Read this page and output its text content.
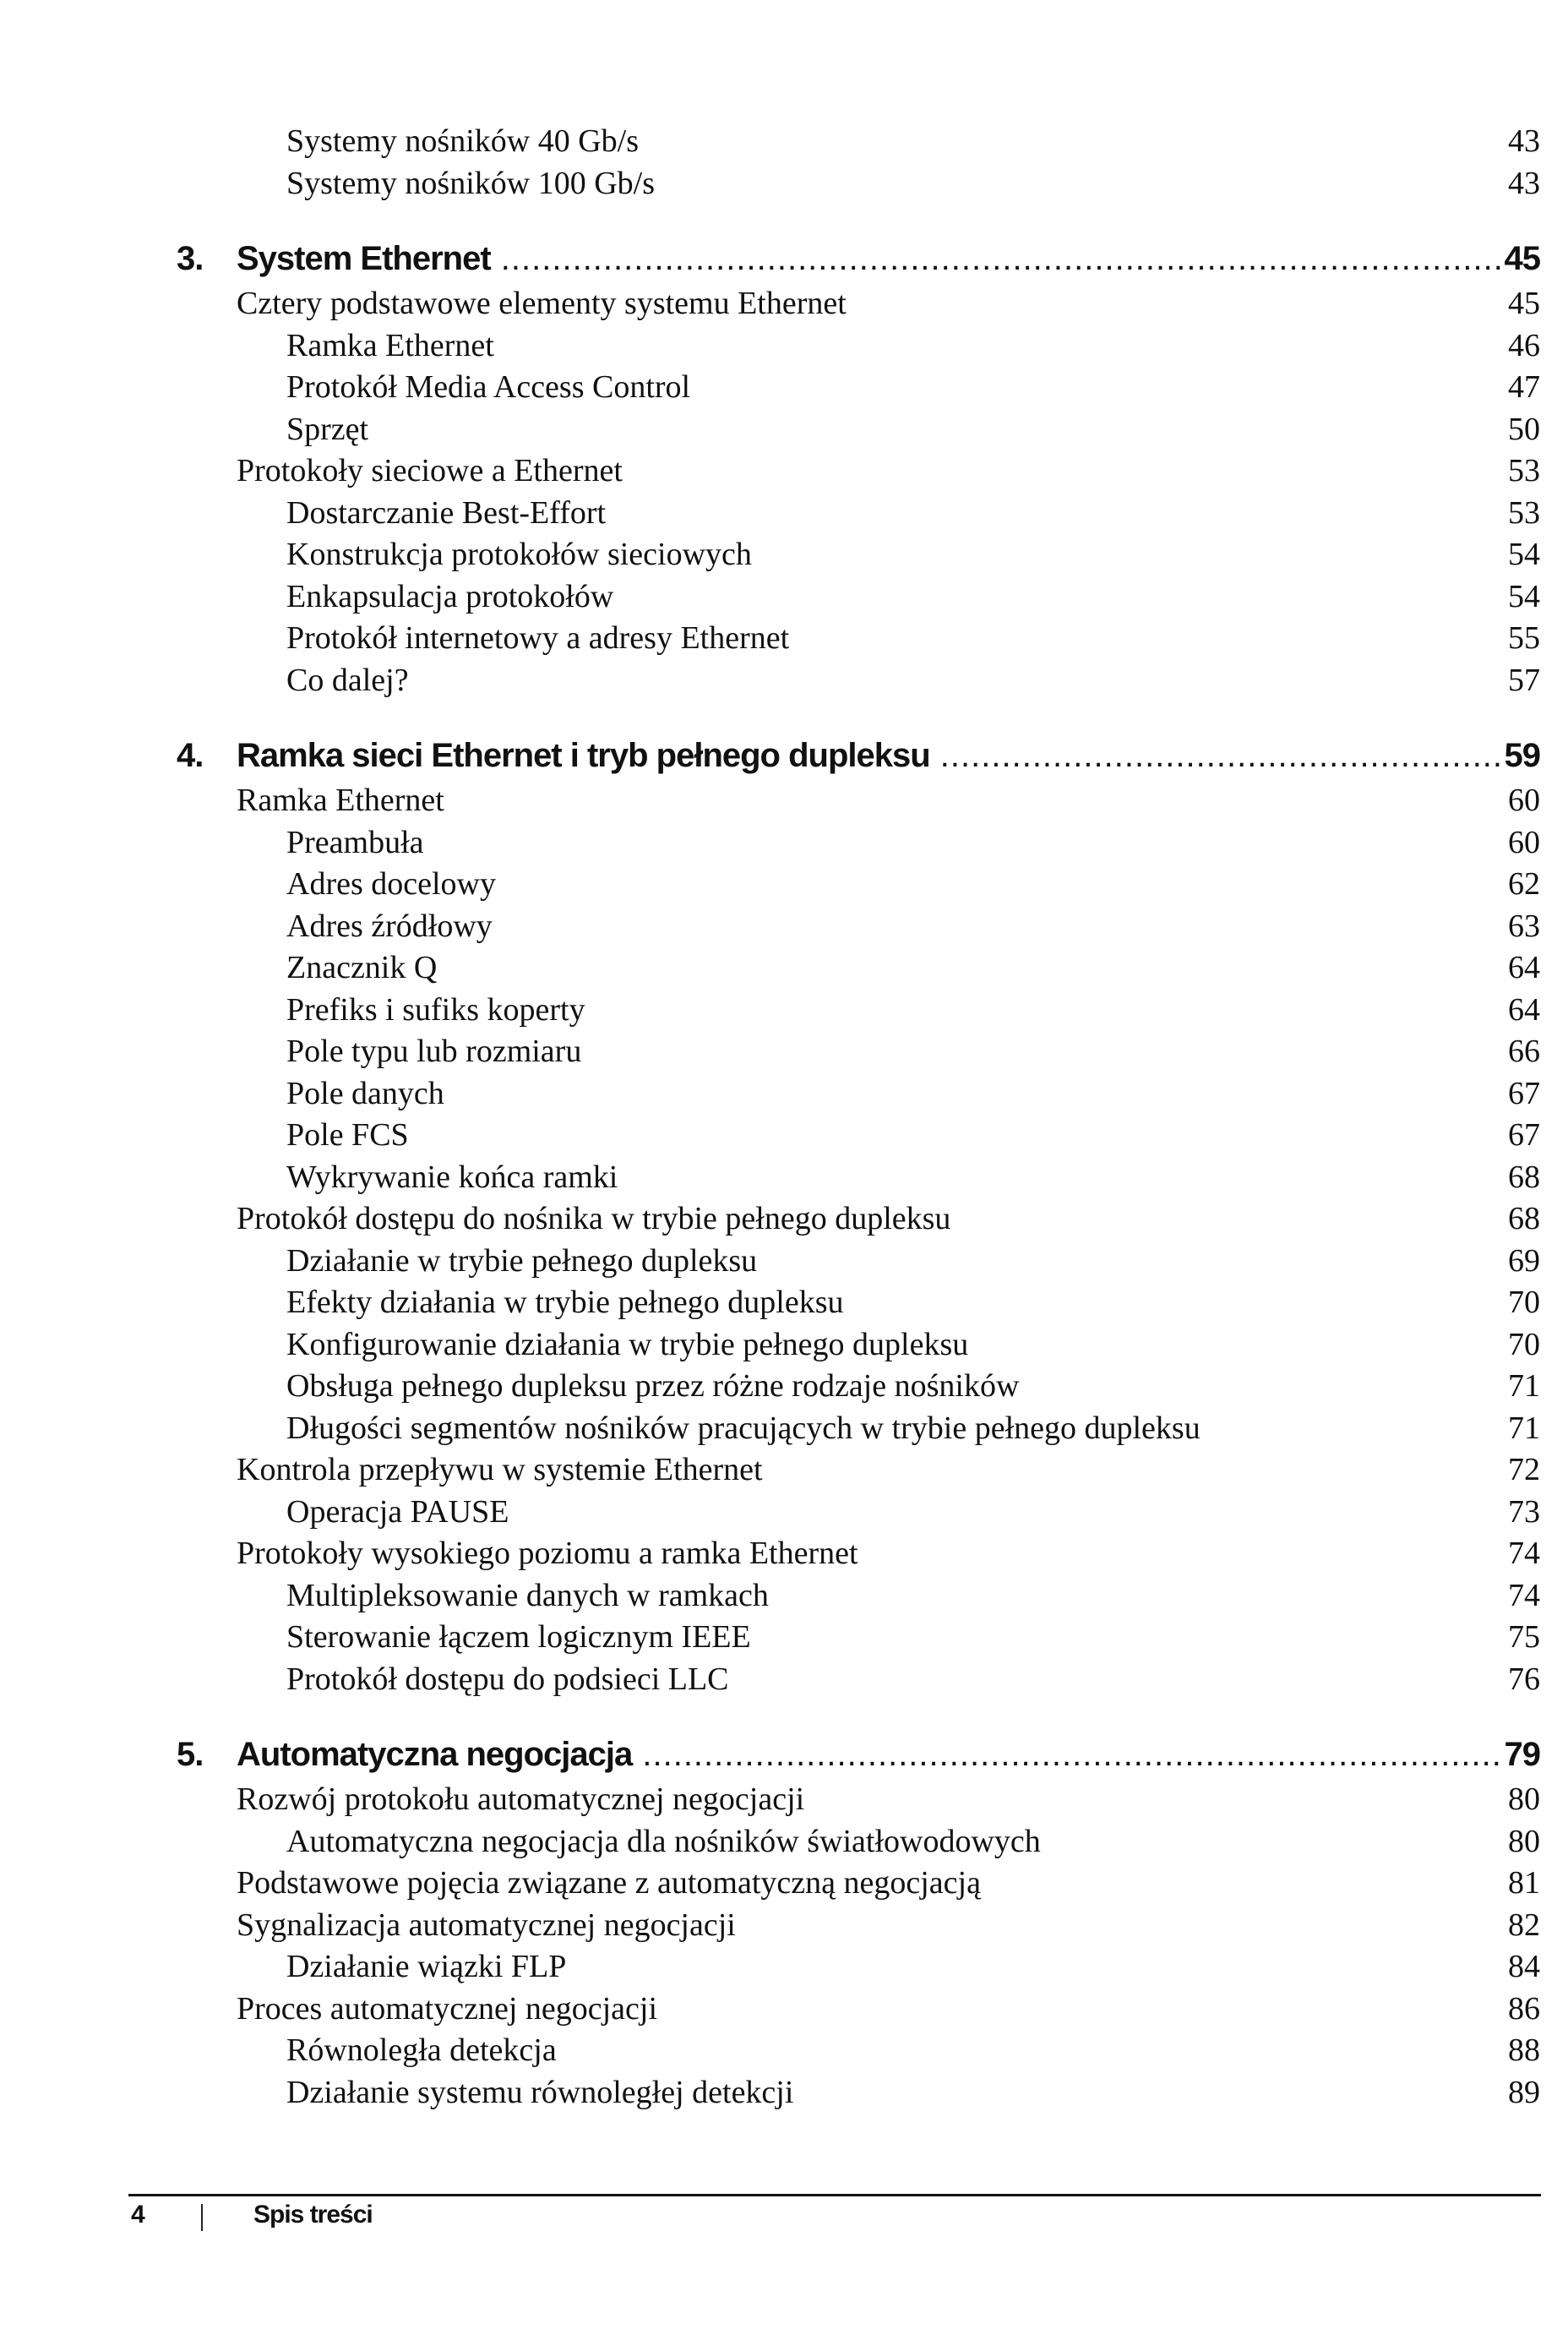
Systemy nośników 40 Gb/s	43
Systemy nośników 100 Gb/s	43
3. System Ethernet .....	45
Cztery podstawowe elementy systemu Ethernet	45
Ramka Ethernet	46
Protokół Media Access Control	47
Sprzęt	50
Protokoły sieciowe a Ethernet	53
Dostarczanie Best-Effort	53
Konstrukcja protokołów sieciowych	54
Enkapsulacja protokołów	54
Protokół internetowy a adresy Ethernet	55
Co dalej?	57
4. Ramka sieci Ethernet i tryb pełnego dupleksu .....	59
Ramka Ethernet	60
Preambuła	60
Adres docelowy	62
Adres źródłowy	63
Znacznik Q	64
Prefiks i sufiks koperty	64
Pole typu lub rozmiaru	66
Pole danych	67
Pole FCS	67
Wykrywanie końca ramki	68
Protokół dostępu do nośnika w trybie pełnego dupleksu	68
Działanie w trybie pełnego dupleksu	69
Efekty działania w trybie pełnego dupleksu	70
Konfigurowanie działania w trybie pełnego dupleksu	70
Obsługa pełnego dupleksu przez różne rodzaje nośników	71
Długości segmentów nośników pracujących w trybie pełnego dupleksu	71
Kontrola przepływu w systemie Ethernet	72
Operacja PAUSE	73
Protokoły wysokiego poziomu a ramka Ethernet	74
Multipleksowanie danych w ramkach	74
Sterowanie łączem logicznym IEEE	75
Protokół dostępu do podsieci LLC	76
5. Automatyczna negocjacja .....	79
Rozwój protokołu automatycznej negocjacji	80
Automatyczna negocjacja dla nośników światłowodowych	80
Podstawowe pojęcia związane z automatyczną negocjacją	81
Sygnalizacja automatycznej negocjacji	82
Działanie wiązki FLP	84
Proces automatycznej negocjacji	86
Równoległa detekcja	88
Działanie systemu równoległej detekcji	89
4	Spis treści
